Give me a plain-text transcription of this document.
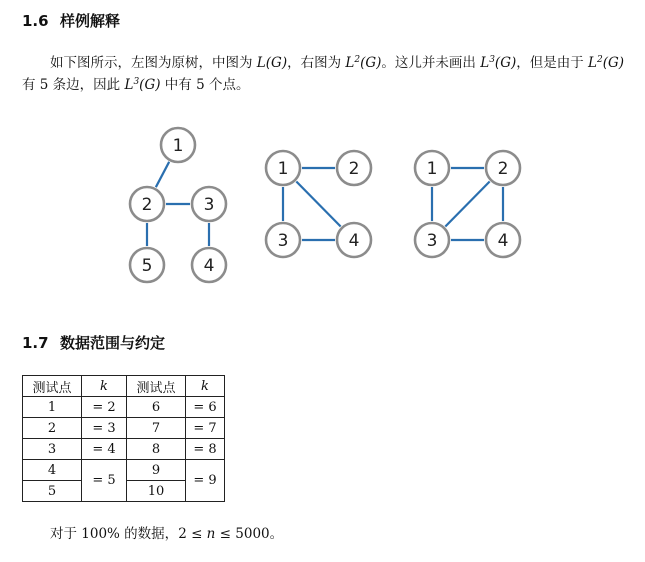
1.6 样例解释
如下图所示，左图为原树，中图为 L(G)，右图为 $L^2(G)$。这儿并未画出 $L^3(G)$，但是由于 $L^2(G)$ 有 5 条边，因此 $L^3(G)$ 中有 5 个点。
1
2	3
5	4
1	2
3	4
1	2
3	4
1.7 数据范围与约定
测试点	k	测试点	k
1	= 2	6	= 6
2	= 3	7	= 7
3	= 4	8	= 8
4	= 5	9	= 9
5		10	
对于 100% 的数据，2 ≤ n ≤ 5000。
